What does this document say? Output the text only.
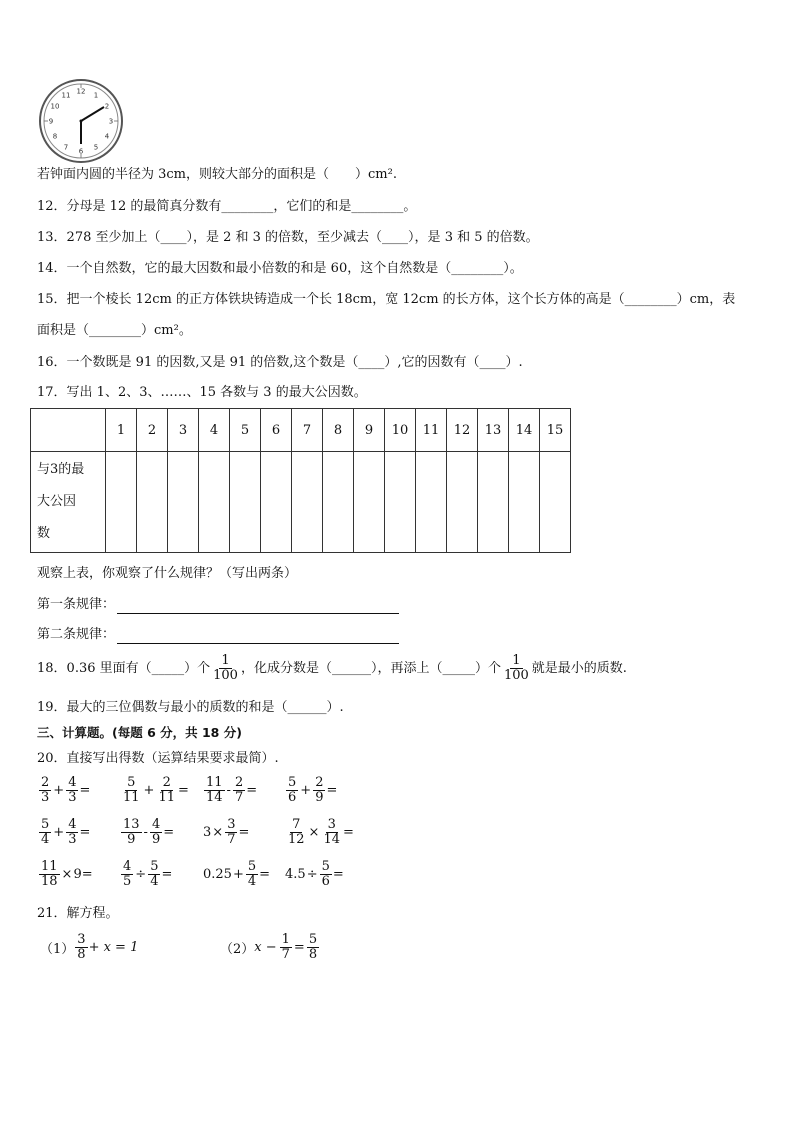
12 1
2
3
4
5
6
7
8
9
10
11
若钟面内圆的半径为 3cm，则较大部分的面积是（　　）cm².
12．分母是 12 的最简真分数有________，它们的和是________。
13．278 至少加上（____），是 2 和 3 的倍数，至少减去（____），是 3 和 5 的倍数。
14．一个自然数，它的最大因数和最小倍数的和是 60，这个自然数是（________）。
15．把一个棱长 12cm 的正方体铁块铸造成一个长 18cm，宽 12cm 的长方体，这个长方体的高是（________）cm，表
面积是（________）cm²。
16．一个数既是 91 的因数,又是 91 的倍数,这个数是（____）,它的因数有（____）.
17．写出 1、2、3、……、15 各数与 3 的最大公因数。
	1	2	3	4	5	6	7	8	9	10	11	12	13	14	15

与3的最
大公因
数															

观察上表，你观察了什么规律？（写出两条）
第一条规律：
第二条规律：
18．0.36 里面有（_____）个 $\frac{1}{100}$ ，化成分数是（______），再添上（_____）个 $\frac{1}{100}$ 就是最小的质数.
19．最大的三位偶数与最小的质数的和是（______）.
三、计算题。(每题 6 分，共 18 分)
20．直接写出得数（运算结果要求最简）.
$\frac{2}{3} + \frac{4}{3} = \frac{5}{11} + \frac{2}{11} = \frac{11}{14} - \frac{2}{7} = \frac{5}{6} + \frac{2}{9}$ =
$\frac{5}{4} + \frac{4}{3} = \frac{13}{9} - \frac{4}{9} = 3 \times \frac{3}{7}$ =	$\frac{7}{12} \times \frac{3}{14}$ =
$\frac{11}{18} \times 9 = \frac{4}{5} \div \frac{5}{4} = 0.25 + \frac{5}{4} = 4.5 \div \frac{5}{6}$ =
21．解方程。
$(1) \frac{3}{8} + x = 1$	（2） $x - \frac{1}{7} = \frac{5}{8}$
